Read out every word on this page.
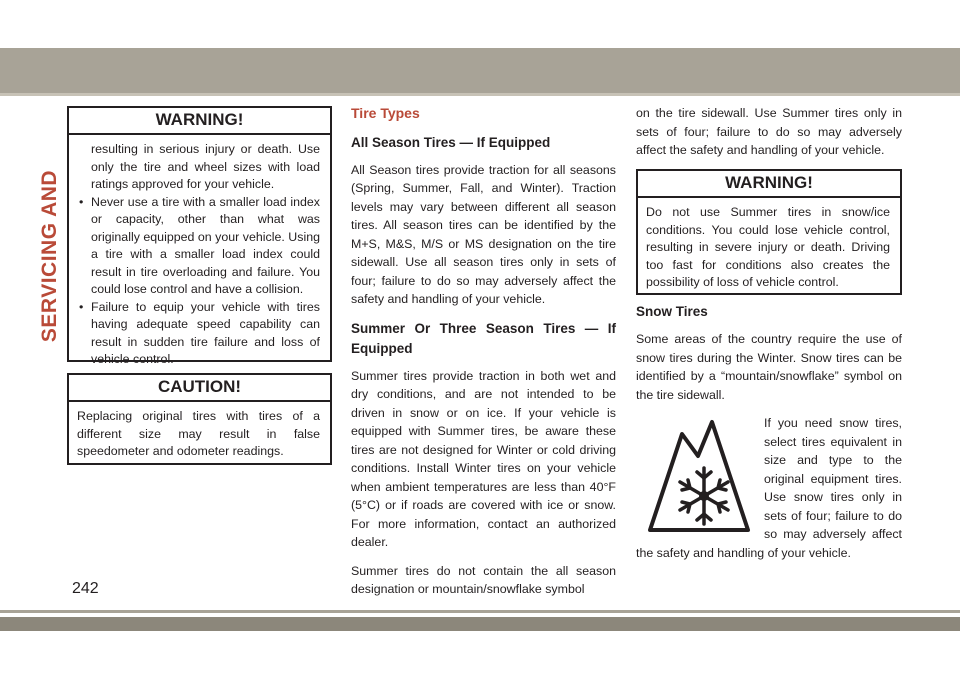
SERVICING AND
WARNING!
resulting in serious injury or death. Use only the tire and wheel sizes with load ratings approved for your vehicle.
• Never use a tire with a smaller load index or capacity, other than what was originally equipped on your vehicle. Using a tire with a smaller load index could result in tire overloading and failure. You could lose control and have a collision.
• Failure to equip your vehicle with tires having adequate speed capability can result in sudden tire failure and loss of vehicle control.
CAUTION!
Replacing original tires with tires of a different size may result in false speedometer and odometer readings.
Tire Types
All Season Tires — If Equipped

All Season tires provide traction for all seasons (Spring, Summer, Fall, and Winter). Traction levels may vary between different all season tires. All season tires can be identified by the M+S, M&S, M/S or MS designation on the tire sidewall. Use all season tires only in sets of four; failure to do so may adversely affect the safety and handling of your vehicle.

Summer Or Three Season Tires — If Equipped

Summer tires provide traction in both wet and dry conditions, and are not intended to be driven in snow or on ice. If your vehicle is equipped with Summer tires, be aware these tires are not designed for Winter or cold driving conditions. Install Winter tires on your vehicle when ambient temperatures are less than 40°F (5°C) or if roads are covered with ice or snow. For more information, contact an authorized dealer.

Summer tires do not contain the all season designation or mountain/snowflake symbol

on the tire sidewall. Use Summer tires only in sets of four; failure to do so may adversely affect the safety and handling of your vehicle.

WARNING!
Do not use Summer tires in snow/ice conditions. You could lose vehicle control, resulting in severe injury or death. Driving too fast for conditions also creates the possibility of loss of vehicle control.
Snow Tires

Some areas of the country require the use of snow tires during the Winter. Snow tires can be identified by a “mountain/snowflake” symbol on the tire sidewall.

If you need snow tires, select tires equivalent in size and type to the original equipment tires. Use snow tires only in sets of four; failure to do so may adversely affect the safety and handling of your vehicle.

242
